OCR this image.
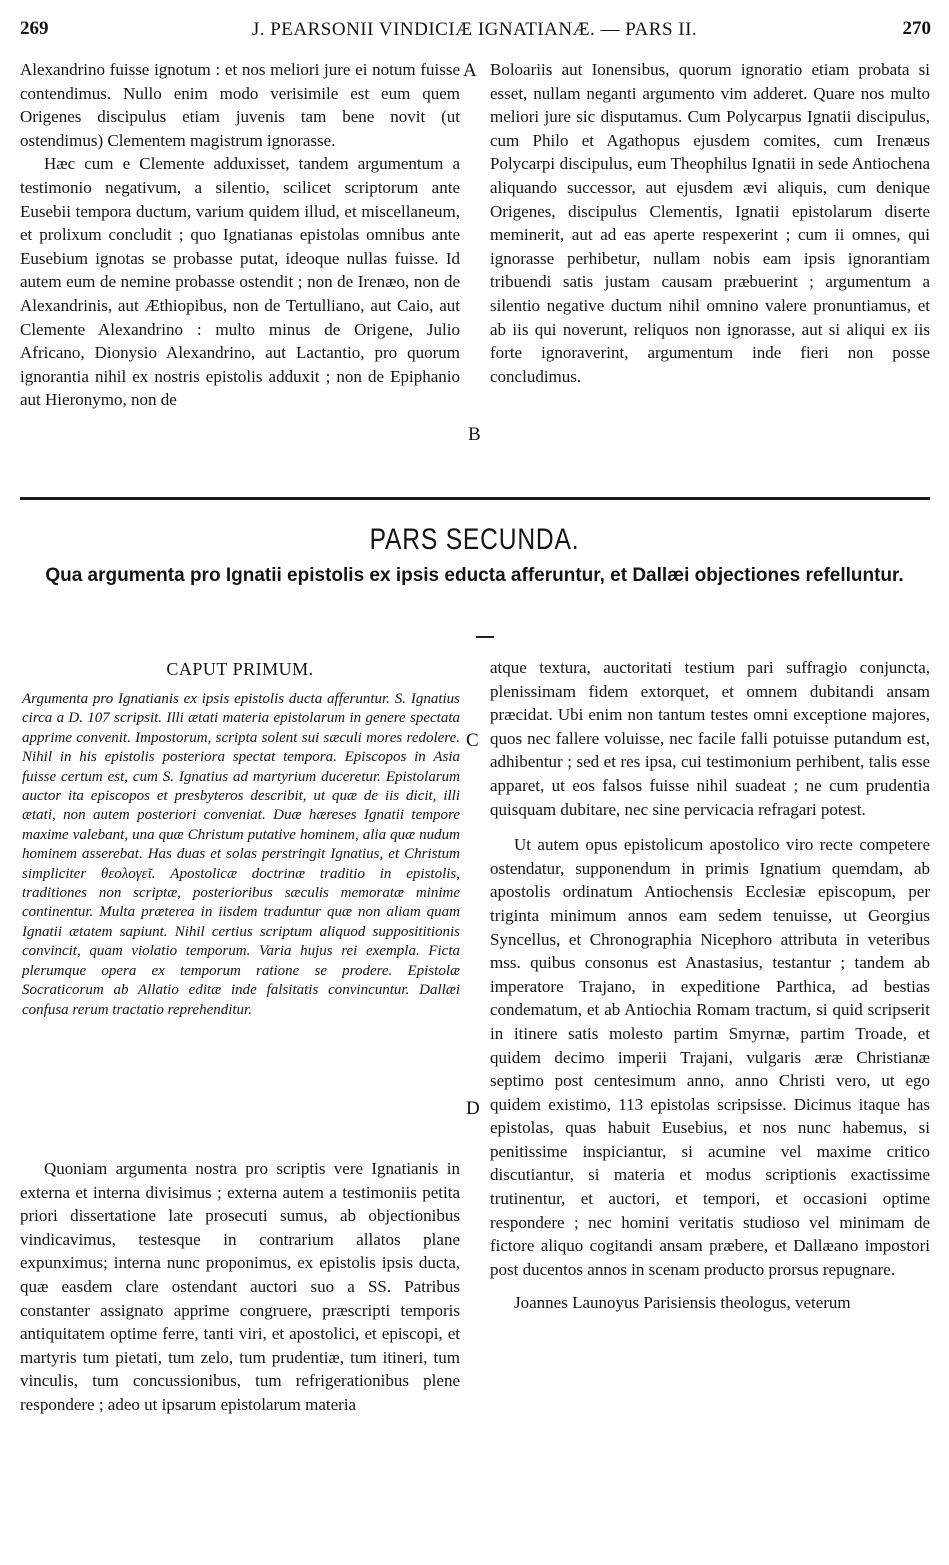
269	J. PEARSONII VINDICIÆ IGNATIANÆ. — PARS II.	270

Alexandrino fuisse ignotum : et nos meliori jure ei notum fuisse contendimus. Nullo enim modo verisimile est eum quem Origenes discipulus etiam juvenis tam bene novit (ut ostendimus) Clementem magistrum ignorasse.

Hæc cum e Clemente adduxisset, tandem argumentum a testimonio negativum, a silentio, scilicet scriptorum ante Eusebii tempora ductum, varium quidem illud, et miscellaneum, et prolixum concludit ; quo Ignatianas epistolas omnibus ante Eusebium ignotas se probasse putat, ideoque nullas fuisse. Id autem eum de nemine probasse ostendit ; non de Irenæo, non de Alexandrinis, aut Æthiopibus, non de Tertulliano, aut Caio, aut Clemente Alexandrino : multo minus de Origene, Julio Africano, Dionysio Alexandrino, aut Lactantio, pro quorum ignorantia nihil ex nostris epistolis adduxit ; non de Epiphanio aut Hieronymo, non de

Boloariis aut Ionensibus, quorum ignoratio etiam probata si esset, nullam neganti argumento vim adderet. Quare nos multo meliori jure sic disputamus. Cum Polycarpus Ignatii discipulus, cum Philo et Agathopus ejusdem comites, cum Irenæus Polycarpi discipulus, eum Theophilus Ignatii in sede Antiochena aliquando successor, aut ejusdem ævi aliquis, cum denique Origenes, discipulus Clementis, Ignatii epistolarum diserte meminerit, aut ad eas aperte respexerint ; cum ii omnes, qui ignorasse perhibetur, nullam nobis eam ipsis ignorantiam tribuendi satis justam causam præbuerint ; argumentum a silentio negative ductum nihil omnino valere pronuntiamus, et ab iis qui noverunt, reliquos non ignorasse, aut si aliqui ex iis forte ignoraverint, argumentum inde fieri non posse concludimus.

A
B
PARS SECUNDA.
Qua argumenta pro Ignatii epistolis ex ipsis educta afferuntur, et Dallæi objectiones refelluntur.
CAPUT PRIMUM.

Argumenta pro Ignatianis ex ipsis epistolis ducta afferuntur. S. Ignatius circa a D. 107 scripsit. Illi ætati materia epistolarum in genere spectata apprime convenit. Impostorum, scripta solent sui sæculi mores redolere. Nihil in his epistolis posteriora spectat tempora. Episcopos in Asia fuisse certum est, cum S. Ignatius ad martyrium duceretur. Epistolarum auctor ita episcopos et presbyteros describit, ut quæ de iis dicit, illi ætati, non autem posteriori conveniat. Duæ hæreses Ignatii tempore maxime valebant, una quæ Christum putative hominem, alia quæ nudum hominem asserebat. Has duas et solas perstringit Ignatius, et Christum simpliciter θεολογεῖ. Apostolicæ doctrinæ traditio in epistolis, traditiones non scriptæ, posterioribus sæculis memoratæ minime continentur. Multa præterea in iisdem traduntur quæ non aliam quam Ignatii ætatem sapiunt. Nihil certius scriptum aliquod supposititionis convincit, quam violatio temporum. Varia hujus rei exempla. Ficta plerumque opera ex temporum ratione se prodere. Epistolæ Socraticorum ab Allatio editæ inde falsitatis convincuntur. Dallæi confusa rerum tractatio reprehenditur.

Quoniam argumenta nostra pro scriptis vere Ignatianis in externa et interna divisimus ; externa autem a testimoniis petita priori dissertatione late prosecuti sumus, ab objectionibus vindicavimus, testesque in contrarium allatos plane expunximus; interna nunc proponimus, ex epistolis ipsis ducta, quæ easdem clare ostendant auctori suo a SS. Patribus constanter assignato apprime congruere, præscripti temporis antiquitatem optime ferre, tanti viri, et apostolici, et episcopi, et martyris tum pietati, tum zelo, tum prudentiæ, tum itineri, tum vinculis, tum concussionibus, tum refrigerationibus plene respondere ; adeo ut ipsarum epistolarum materia

atque textura, auctoritati testium pari suffragio conjuncta, plenissimam fidem extorquet, et omnem dubitandi ansam præcidat. Ubi enim non tantum testes omni exceptione majores, quos nec fallere voluisse, nec facile falli potuisse putandum est, adhibentur ; sed et res ipsa, cui testimonium perhibent, talis esse apparet, ut eos falsos fuisse nihil suadeat ; ne cum prudentia quisquam dubitare, nec sine pervicacia refragari potest.

Ut autem opus epistolicum apostolico viro recte competere ostendatur, supponendum in primis Ignatium quemdam, ab apostolis ordinatum Antiochensis Ecclesiæ episcopum, per triginta minimum annos eam sedem tenuisse, ut Georgius Syncellus, et Chronographia Nicephoro attributa in veteribus mss. quibus consonus est Anastasius, testantur ; tandem ab imperatore Trajano, in expeditione Parthica, ad bestias condematum, et ab Antiochia Romam tractum, si quid scripserit in itinere satis molesto partim Smyrnæ, partim Troade, et quidem decimo imperii Trajani, vulgaris æræ Christianæ septimo post centesimum anno, anno Christi vero, ut ego quidem existimo, 113 epistolas scripsisse. Dicimus itaque has epistolas, quas habuit Eusebius, et nos nunc habemus, si penitissime inspiciantur, si acumine vel maxime critico discutiantur, si materia et modus scriptionis exactissime trutinentur, et auctori, et tempori, et occasioni optime respondere ; nec homini veritatis studioso vel minimam de fictore aliquo cogitandi ansam præbere, et Dallæano impostori post ducentos annos in scenam producto prorsus repugnare.

Joannes Launoyus Parisiensis theologus, veterum

C
D
